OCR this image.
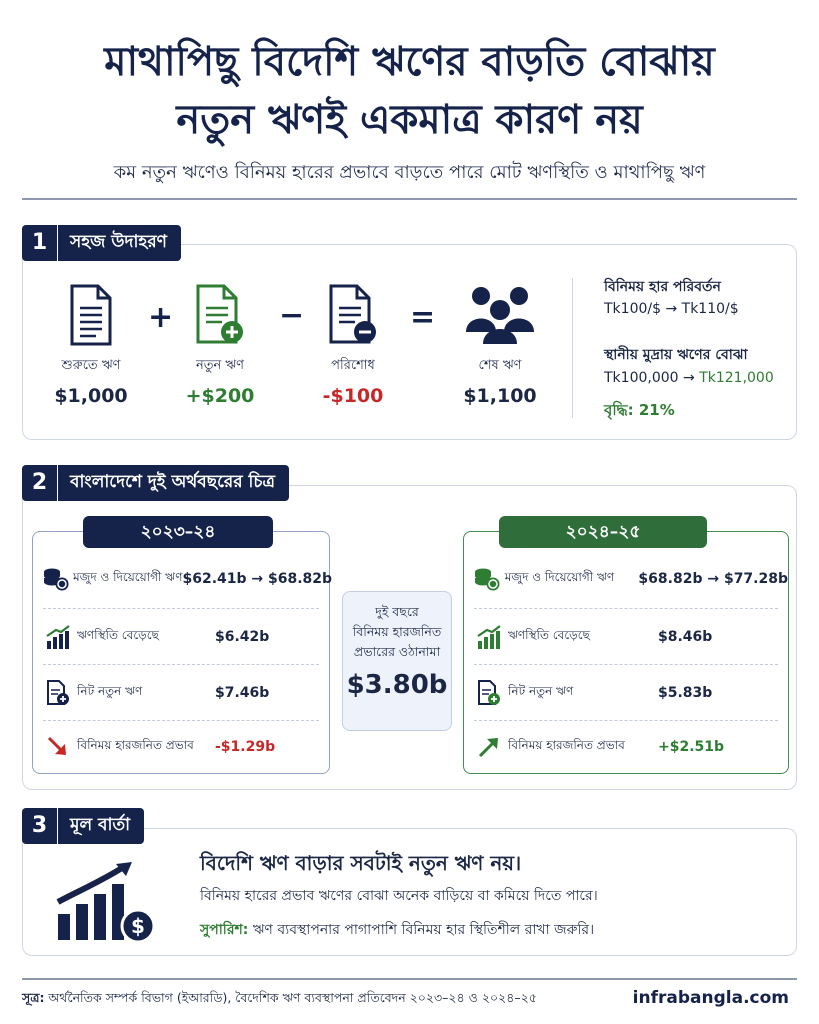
মাথাপিছু বিদেশি ঋণের বাড়তি বোঝায়
নতুন ঋণই একমাত্র কারণ নয়
কম নতুন ঋণেও বিনিময় হারের প্রভাবে বাড়তে পারে মোট ঋণস্থিতি ও মাথাপিছু ঋণ
1	সহজ উদাহরণ
শুরুতে ঋণ
$1,000
+
নতুন ঋণ
+$200
−
পরিশোধ
-$100
=
শেষ ঋণ
$1,100
বিনিময় হার পরিবর্তন
Tk100/$ → Tk110/$
স্থানীয় মুদ্রায় ঋণের বোঝা
Tk100,000 → Tk121,000
বৃদ্ধি: 21%
2	বাংলাদেশে দুই অর্থবছরের চিত্র
মজুদ ও দিয়েয়োগী ঋণ $62.41b → $68.82b
ঋণস্থিতি বেড়েছে	$6.42b
নিট নতুন ঋণ	$7.46b
বিনিময় হারজনিত প্রভাব	-$1.29b
২০২৩–২৪
দুই বছরে
বিনিময় হারজনিত
প্রভারের ওঠানামা
$3.80b
মজুদ ও দিয়েয়োগী ঋণ	$68.82b → $77.28b
ঋণস্থিতি বেড়েছে	$8.46b
নিট নতুন ঋণ	$5.83b
বিনিময় হারজনিত প্রভাব	+$2.51b
২০২৪–২৫
3	মূল বার্তা
$
বিদেশি ঋণ বাড়ার সবটাই নতুন ঋণ নয়।
বিনিময় হারের প্রভাব ঋণের বোঝা অনেক বাড়িয়ে বা কমিয়ে দিতে পারে।
সুপারিশ: ঋণ ব্যবস্থাপনার পাগাপাশি বিনিময় হার স্থিতিশীল রাখা জরুরি।
সূত্র: অর্থনৈতিক সম্পর্ক বিভাগ (ইআরডি), বৈদেশিক ঋণ ব্যবস্থাপনা প্রতিবেদন ২০২৩–২৪ ও ২০২৪–২৫	infrabangla.com
